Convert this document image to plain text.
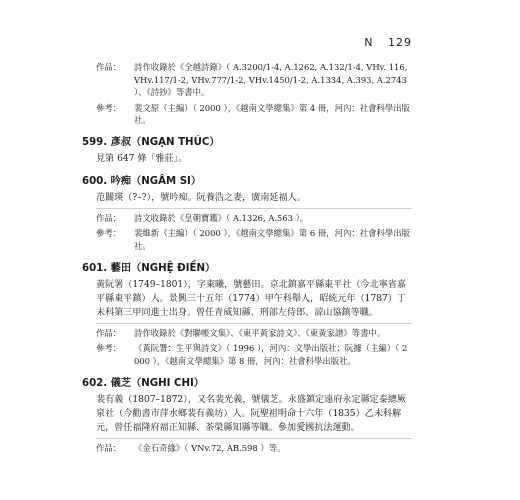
N 129
作品：	詩作收錄於《全越詩錄》（ A.3200/1-4, A.1262, A.132/1-4, VHv. 116, VHv.117/1-2, VHv.777/1-2, VHv.1450/1-2, A.1334, A.393, A.2743 ）、《詩抄》等書中。
參考：	裴文原（主編）（ 2000 ），《越南文學總集》第 4 冊，河內：社會科學出版社。
599. 彥叔（NGẠN THÚC）
見第 647 條「雅莊」。
600. 吟痴（NGÂM SI）
范關瑛（?–?），號吟痴。阮養浩之妻，廣南延福人。
作品：	詩文收錄於《皇朝寶鑑》（ A.1326, A.563 ）。
參考：	裴維新（主編）（ 2000 ），《越南文學總集》第 6 冊，河內：社會科學出版社。
601. 藝田（NGHỆ ĐIỀN）
黃阮署（1749–1801），字東曦，號藝田。京北鎮嘉平縣東平社（今北寧省嘉平縣東平鎮）人。景興三十五年（1774）甲午科舉人，昭統元年（1787）丁未科第三甲同進士出身。曾任青威知縣、刑部左侍郎、諒山協鎮等職。
作品：	詩作收錄於《對聯帳文集》、《東平黃家詩文》、《東黃家譜》等書中。
參考：	《黃阮署：生平與詩文》（ 1996 ），河內：文學出版社；阮據（主編）（ 2000 ），《越南文學總集》第 8 冊，河內：社會科學出版社。
602. 儀芝（NGHI CHI）
裴有義（1807–1872），又名裴光義，號儀芝。永盛鎮定遠府永定縣定泰總厥泉社（今勸書市萍水鄉裴有義坊）人。阮聖祖明命十六年（1835）乙未科解元，曾任福隆府福正知縣、茶榮縣知縣等職。參加愛國抗法運動。
作品：	《金石奇緣》（ VNv.72, AB.598 ）等。
